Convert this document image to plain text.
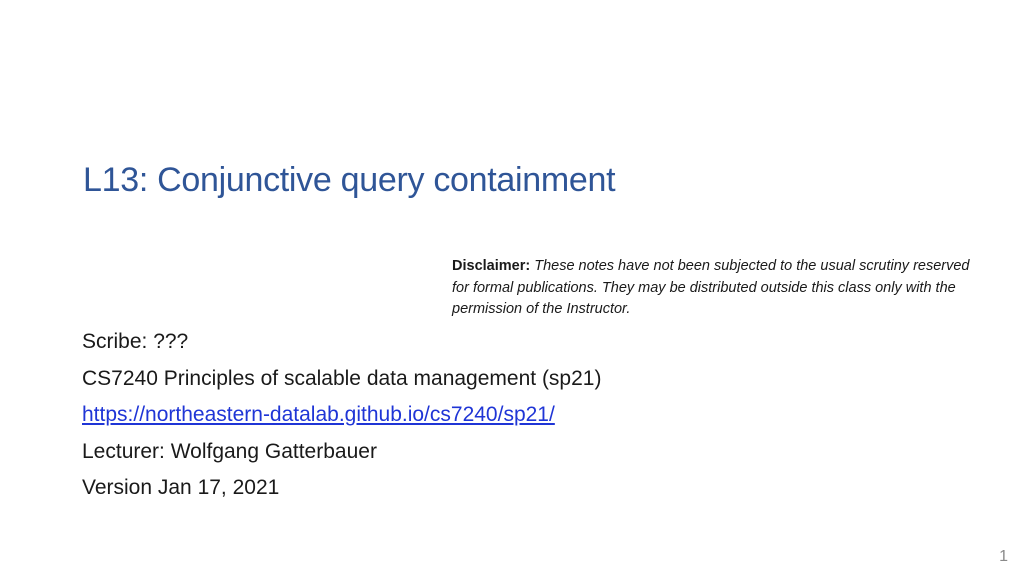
L13: Conjunctive query containment
Disclaimer: These notes have not been subjected to the usual scrutiny reserved for formal publications. They may be distributed outside this class only with the permission of the Instructor.
Scribe: ???
CS7240 Principles of scalable data management (sp21)
https://northeastern-datalab.github.io/cs7240/sp21/
Lecturer: Wolfgang Gatterbauer
Version Jan 17, 2021
1
